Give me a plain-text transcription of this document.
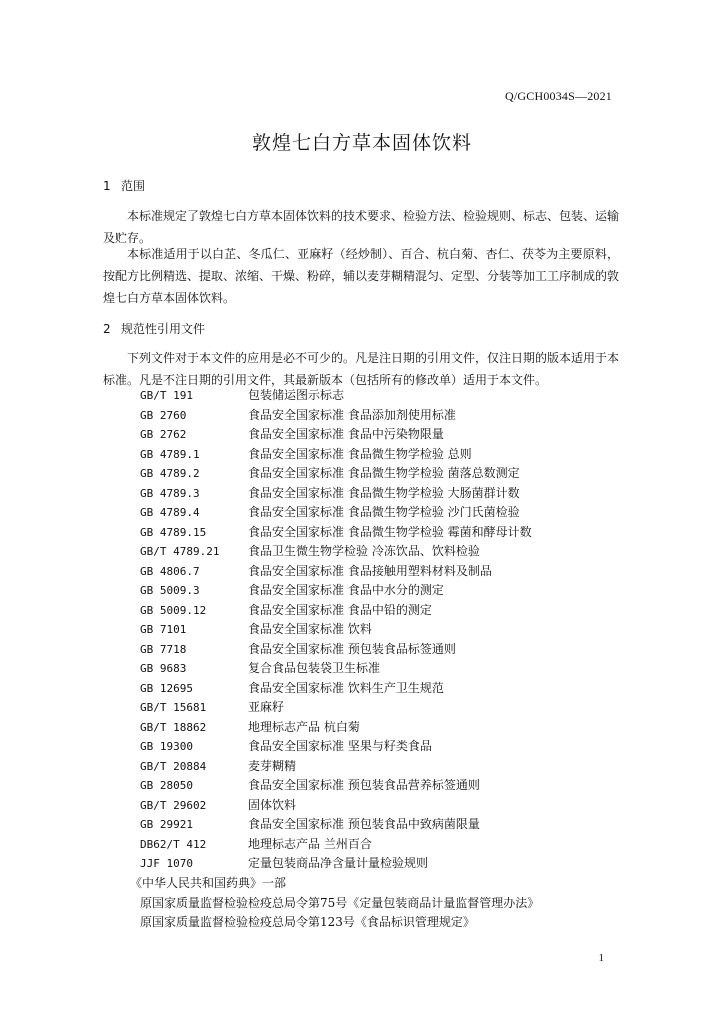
Q/GCH0034S—2021
敦煌七白方草本固体饮料
1 范围

本标准规定了敦煌七白方草本固体饮料的技术要求、检验方法、检验规则、标志、包装、运输及贮存。

本标准适用于以白芷、冬瓜仁、亚麻籽（经炒制）、百合、杭白菊、杏仁、茯苓为主要原料，按配方比例精选、提取、浓缩、干燥、粉碎，辅以麦芽糊精混匀、定型、分装等加工工序制成的敦煌七白方草本固体饮料。

2 规范性引用文件

下列文件对于本文件的应用是必不可少的。凡是注日期的引用文件，仅注日期的版本适用于本标准。凡是不注日期的引用文件，其最新版本（包括所有的修改单）适用于本文件。

GB/T 191	包装储运图示标志
GB 2760	食品安全国家标准 食品添加剂使用标准
GB 2762	食品安全国家标准 食品中污染物限量
GB 4789.1	食品安全国家标准 食品微生物学检验 总则
GB 4789.2	食品安全国家标准 食品微生物学检验 菌落总数测定
GB 4789.3	食品安全国家标准 食品微生物学检验 大肠菌群计数
GB 4789.4	食品安全国家标准 食品微生物学检验 沙门氏菌检验
GB 4789.15	食品安全国家标准 食品微生物学检验 霉菌和酵母计数
GB/T 4789.21 食品卫生微生物学检验 冷冻饮品、饮料检验
GB 4806.7	食品安全国家标准 食品接触用塑料材料及制品
GB 5009.3	食品安全国家标准 食品中水分的测定
GB 5009.12	食品安全国家标准 食品中铅的测定
GB 7101	食品安全国家标准 饮料
GB 7718	食品安全国家标准 预包装食品标签通则
GB 9683	复合食品包装袋卫生标准
GB 12695	食品安全国家标准 饮料生产卫生规范
GB/T 15681	亚麻籽
GB/T 18862	地理标志产品 杭白菊
GB 19300	食品安全国家标准 坚果与籽类食品
GB/T 20884	麦芽糊精
GB 28050	食品安全国家标准 预包装食品营养标签通则
GB/T 29602	固体饮料
GB 29921	食品安全国家标准 预包装食品中致病菌限量
DB62/T 412	地理标志产品 兰州百合
JJF 1070	定量包装商品净含量计量检验规则
《中华人民共和国药典》一部
原国家质量监督检验检疫总局令第75号《定量包装商品计量监督管理办法》
原国家质量监督检验检疫总局令第123号《食品标识管理规定》
1
